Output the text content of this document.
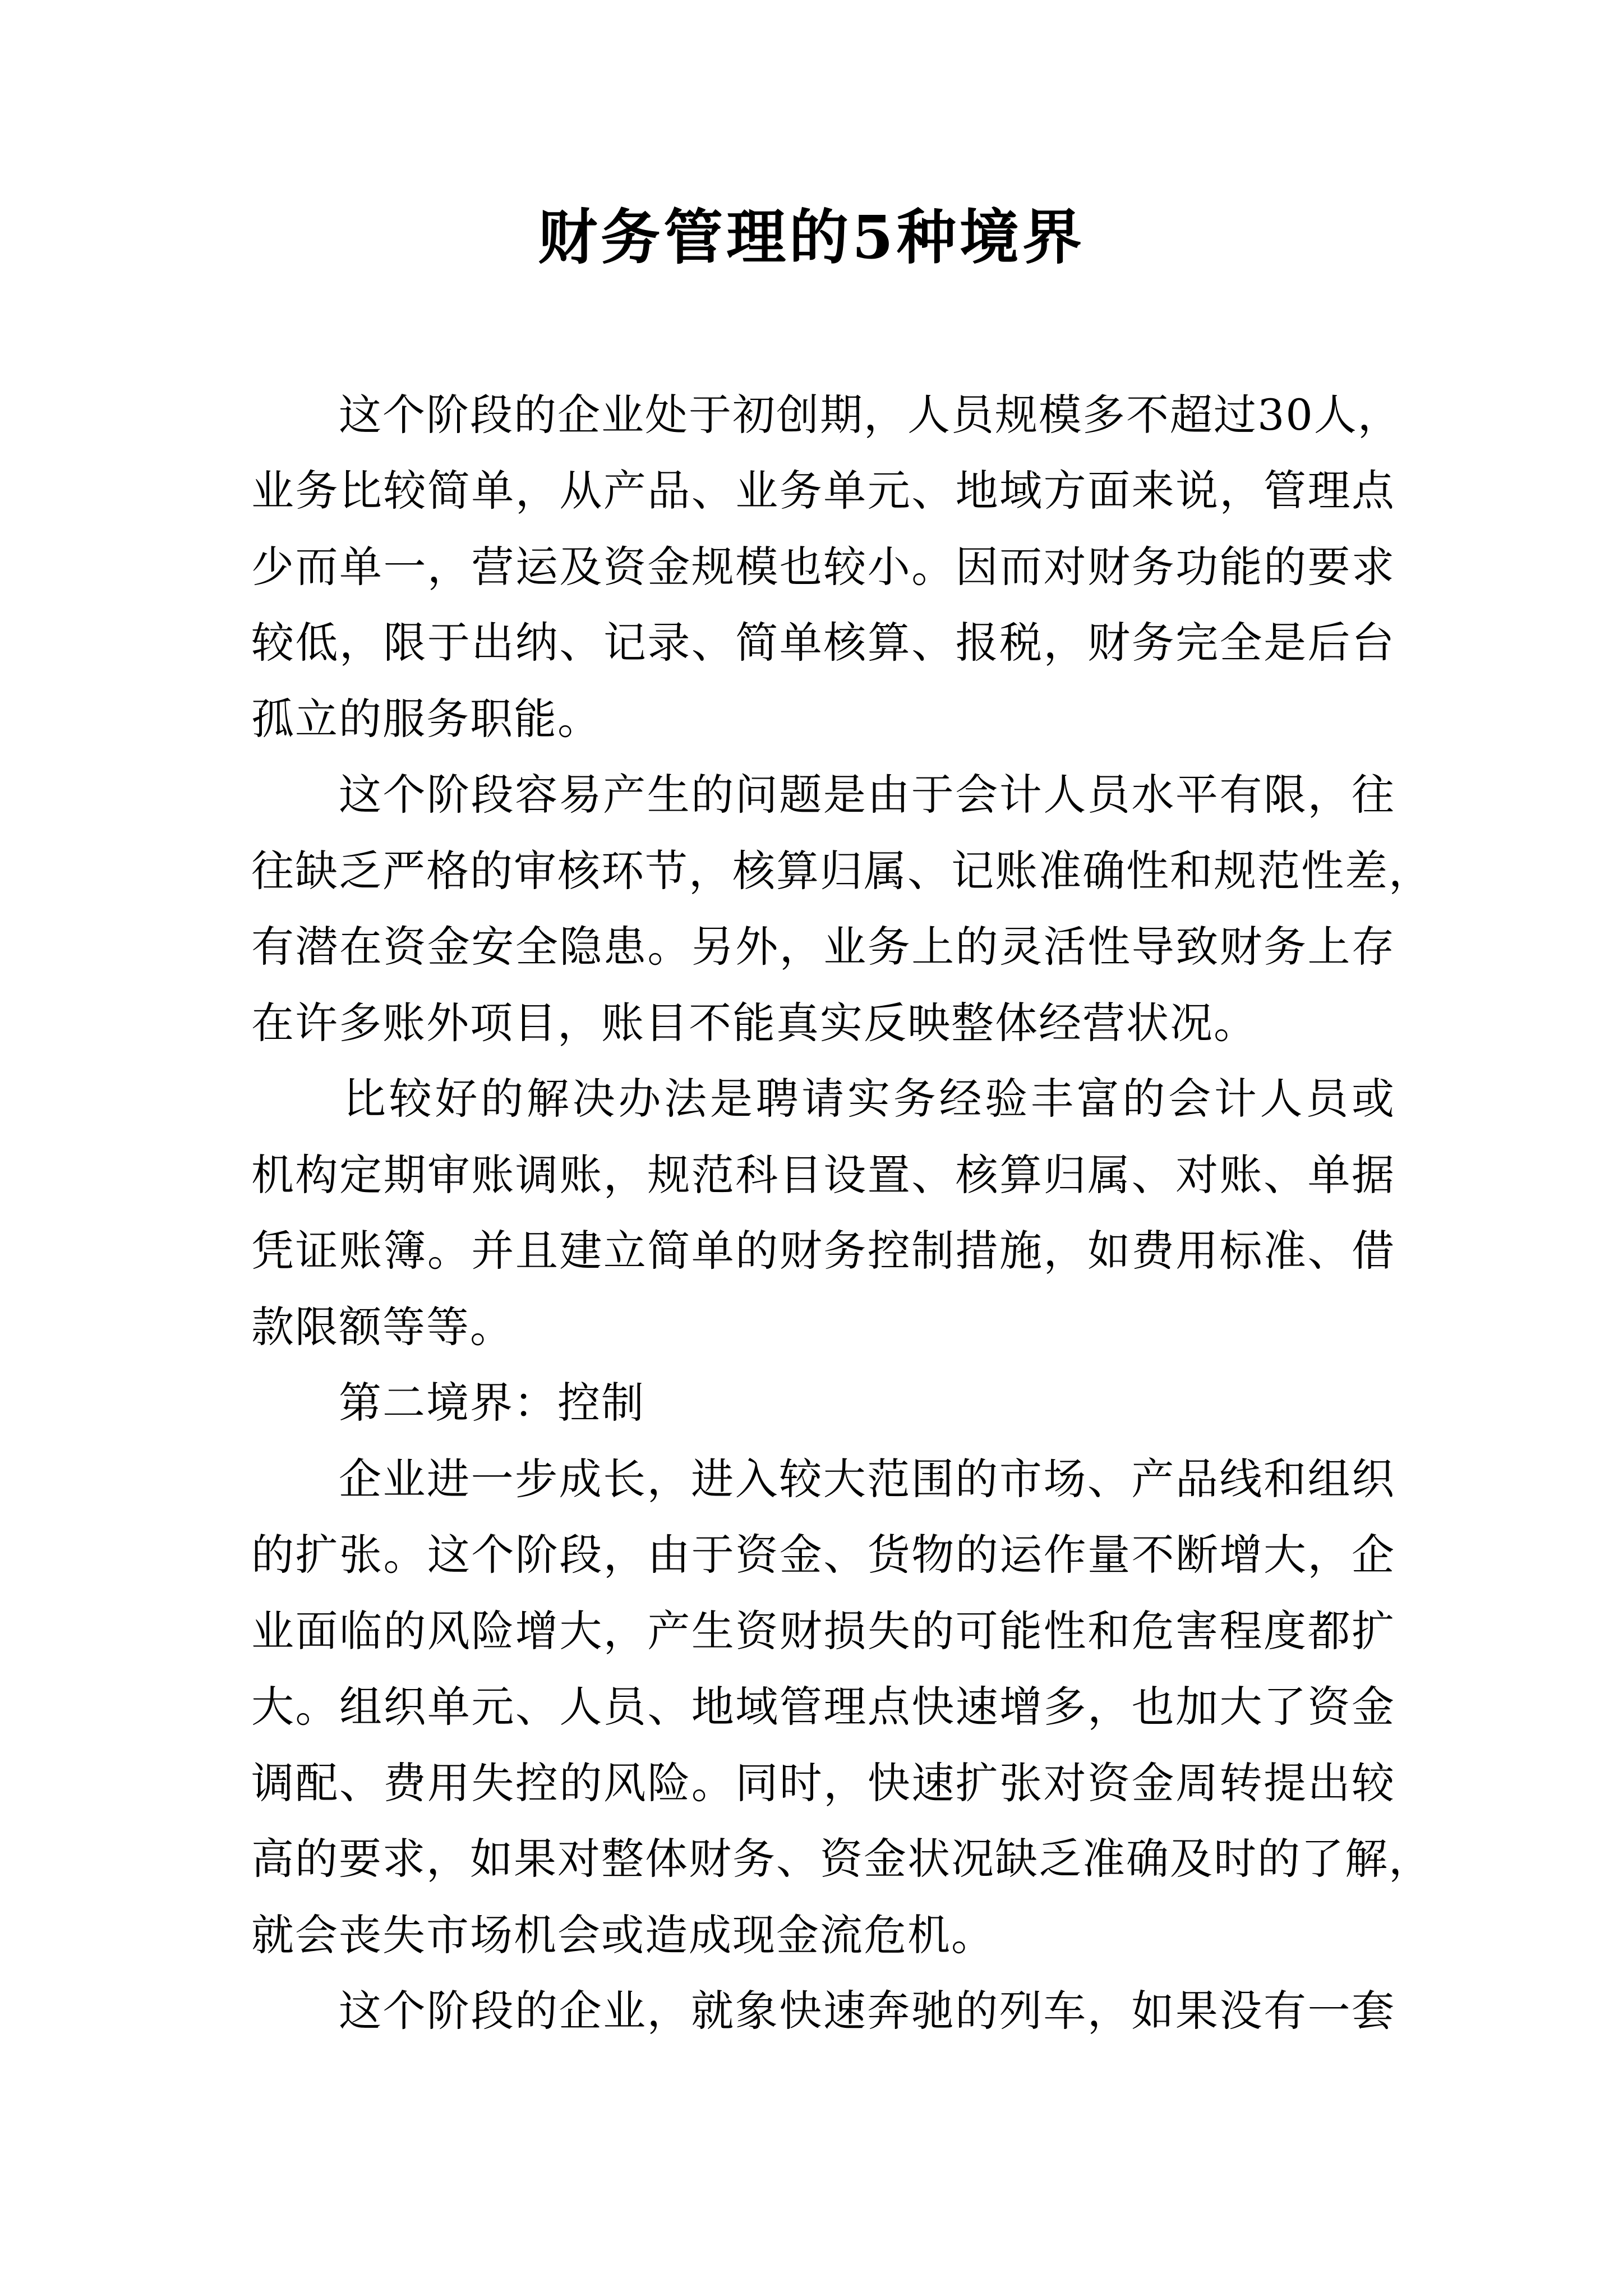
财务管理的5种境界

这个阶段的企业处于初创期，人员规模多不超过30人，

业务比较简单，从产品、业务单元、地域方面来说，管理点

少而单一，营运及资金规模也较小。因而对财务功能的要求

较低，限于出纳、记录、简单核算、报税，财务完全是后台

孤立的服务职能。

这个阶段容易产生的问题是由于会计人员水平有限，往

往缺乏严格的审核环节，核算归属、记账准确性和规范性差，

有潜在资金安全隐患。另外，业务上的灵活性导致财务上存

在许多账外项目，账目不能真实反映整体经营状况。

比较好的解决办法是聘请实务经验丰富的会计人员或

机构定期审账调账，规范科目设置、核算归属、对账、单据

凭证账簿。并且建立简单的财务控制措施，如费用标准、借

款限额等等。

第二境界：控制

企业进一步成长，进入较大范围的市场、产品线和组织

的扩张。这个阶段，由于资金、货物的运作量不断增大，企

业面临的风险增大，产生资财损失的可能性和危害程度都扩

大。组织单元、人员、地域管理点快速增多，也加大了资金

调配、费用失控的风险。同时，快速扩张对资金周转提出较

高的要求，如果对整体财务、资金状况缺乏准确及时的了解，

就会丧失市场机会或造成现金流危机。

这个阶段的企业，就象快速奔驰的列车，如果没有一套
